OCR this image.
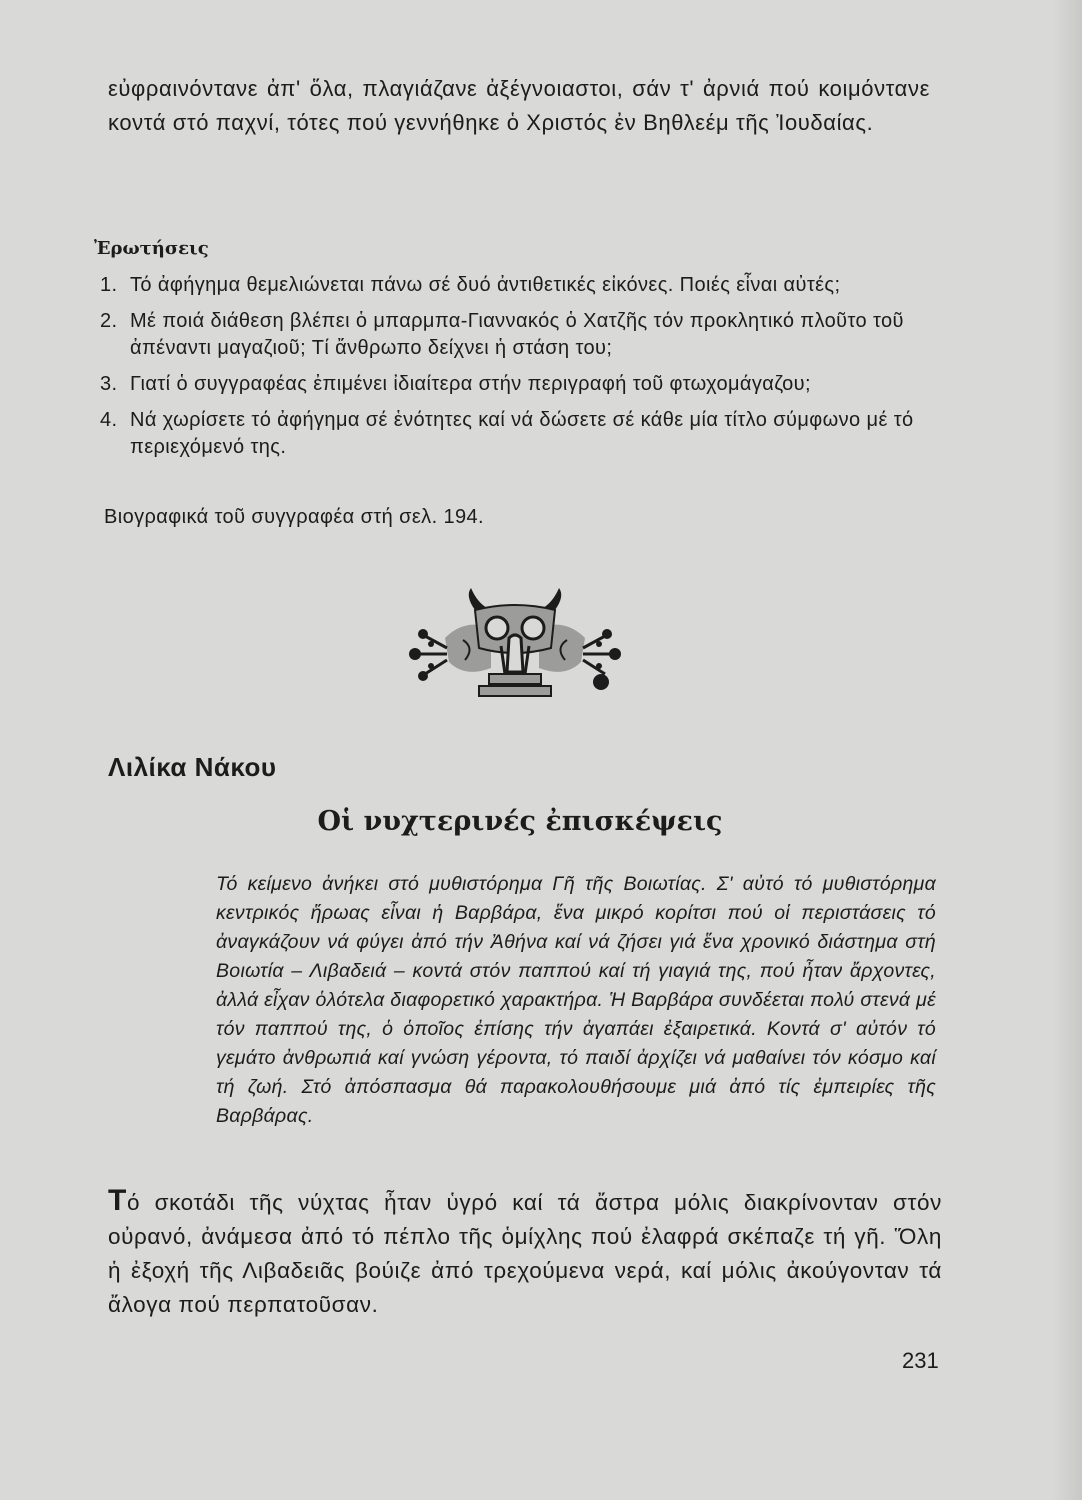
εὐφραινόντανε ἀπ' ὅλα, πλαγιάζανε ἀξέγνοιαστοι, σάν τ' ἀρνιά πού κοιμόντανε κοντά στό παχνί, τότες πού γεννήθηκε ὁ Χριστός ἐν Βηθλεέμ τῆς Ἰουδαίας.

Ἐρωτήσεις
1. Τό ἀφήγημα θεμελιώνεται πάνω σέ δυό ἀντιθετικές εἰκόνες. Ποιές εἶναι αὐτές;
2. Μέ ποιά διάθεση βλέπει ὁ μπαρμπα-Γιαννακός ὁ Χατζῆς τόν προκλητικό πλοῦτο τοῦ ἀπέναντι μαγαζιοῦ; Τί ἄνθρωπο δείχνει ἡ στάση του;
3. Γιατί ὁ συγγραφέας ἐπιμένει ἰδιαίτερα στήν περιγραφή τοῦ φτωχομάγαζου;
4. Νά χωρίσετε τό ἀφήγημα σέ ἑνότητες καί νά δώσετε σέ κάθε μία τίτλο σύμφωνο μέ τό περιεχόμενό της.

Βιογραφικά τοῦ συγγραφέα στή σελ. 194.

Λιλίκα Νάκου
Οἱ νυχτερινές ἐπισκέψεις

Τό κείμενο ἀνήκει στό μυθιστόρημα Γῆ τῆς Βοιωτίας. Σ' αὐτό τό μυθιστόρημα κεντρικός ἥρωας εἶναι ἡ Βαρβάρα, ἕνα μικρό κορίτσι πού οἱ περιστάσεις τό ἀναγκάζουν νά φύγει ἀπό τήν Ἀθήνα καί νά ζήσει γιά ἕνα χρονικό διάστημα στή Βοιωτία – Λιβαδειά – κοντά στόν παππού καί τή γιαγιά της, πού ἦταν ἄρχοντες, ἀλλά εἶχαν ὁλότελα διαφορετικό χαρακτήρα. Ἡ Βαρβάρα συνδέεται πολύ στενά μέ τόν παππού της, ὁ ὁποῖος ἐπίσης τήν ἀγαπάει ἐξαιρετικά. Κοντά σ' αὐτόν τό γεμάτο ἀνθρωπιά καί γνώση γέροντα, τό παιδί ἀρχίζει νά μαθαίνει τόν κόσμο καί τή ζωή. Στό ἀπόσπασμα θά παρακολουθήσουμε μιά ἀπό τίς ἐμπειρίες τῆς Βαρβάρας.

Τό σκοτάδι τῆς νύχτας ἦταν ὑγρό καί τά ἄστρα μόλις διακρίνονταν στόν οὐρανό, ἀνάμεσα ἀπό τό πέπλο τῆς ὁμίχλης πού ἐλαφρά σκέπαζε τή γῆ. Ὅλη ἡ ἐξοχή τῆς Λιβαδειᾶς βούιζε ἀπό τρεχούμενα νερά, καί μόλις ἀκούγονταν τά ἄλογα πού περπατοῦσαν.

231
